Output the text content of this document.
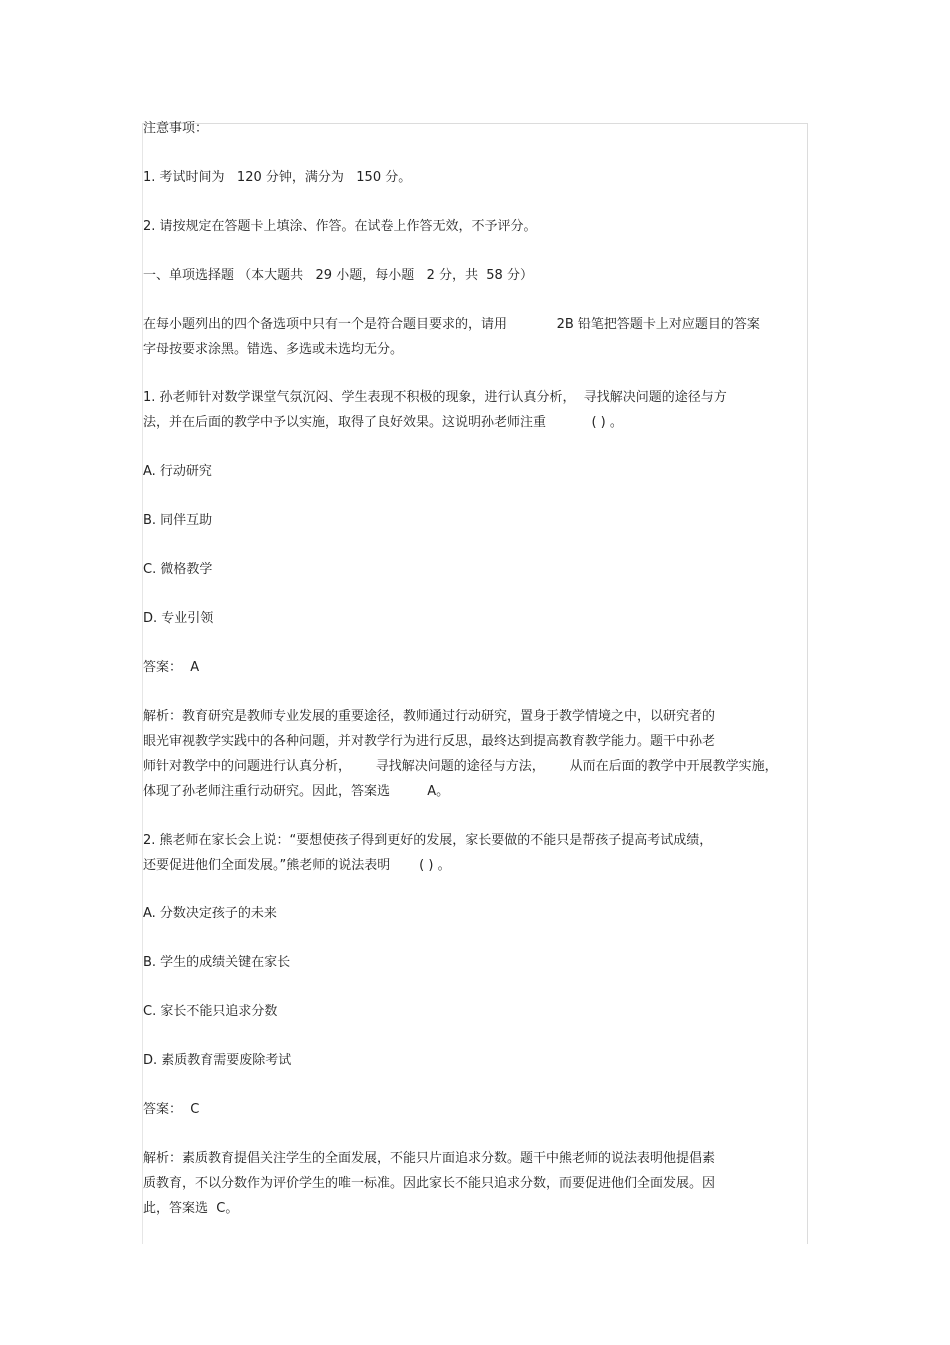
注意事项：

1. 考试时间为   120 分钟，满分为   150 分。

2. 请按规定在答题卡上填涂、作答。在试卷上作答无效，不予评分。

一、单项选择题 （本大题共   29 小题，每小题   2 分，共  58 分）

在每小题列出的四个备选项中只有一个是符合题目要求的，请用            2B 铅笔把答题卡上对应题目的答案

字母按要求涂黑。错选、多选或未选均无分。

1. 孙老师针对数学课堂气氛沉闷、学生表现不积极的现象，进行认真分析，  寻找解决问题的途径与方

法，并在后面的教学中予以实施，取得了良好效果。这说明孙老师注重           ( ) 。

A. 行动研究

B. 同伴互助

C. 微格教学

D. 专业引领

答案：  A

解析：教育研究是教师专业发展的重要途径，教师通过行动研究，置身于教学情境之中，以研究者的

眼光审视教学实践中的各种问题，并对教学行为进行反思，最终达到提高教育教学能力。题干中孙老

师针对教学中的问题进行认真分析，      寻找解决问题的途径与方法，      从而在后面的教学中开展教学实施，

体现了孙老师注重行动研究。因此，答案选         A。

2. 熊老师在家长会上说：“要想使孩子得到更好的发展，家长要做的不能只是帮孩子提高考试成绩，

还要促进他们全面发展。”熊老师的说法表明       ( ) 。

A. 分数决定孩子的未来

B. 学生的成绩关键在家长

C. 家长不能只追求分数

D. 素质教育需要废除考试

答案：  C

解析：素质教育提倡关注学生的全面发展，不能只片面追求分数。题干中熊老师的说法表明他提倡素

质教育，不以分数作为评价学生的唯一标准。因此家长不能只追求分数，而要促进他们全面发展。因

此，答案选  C。
